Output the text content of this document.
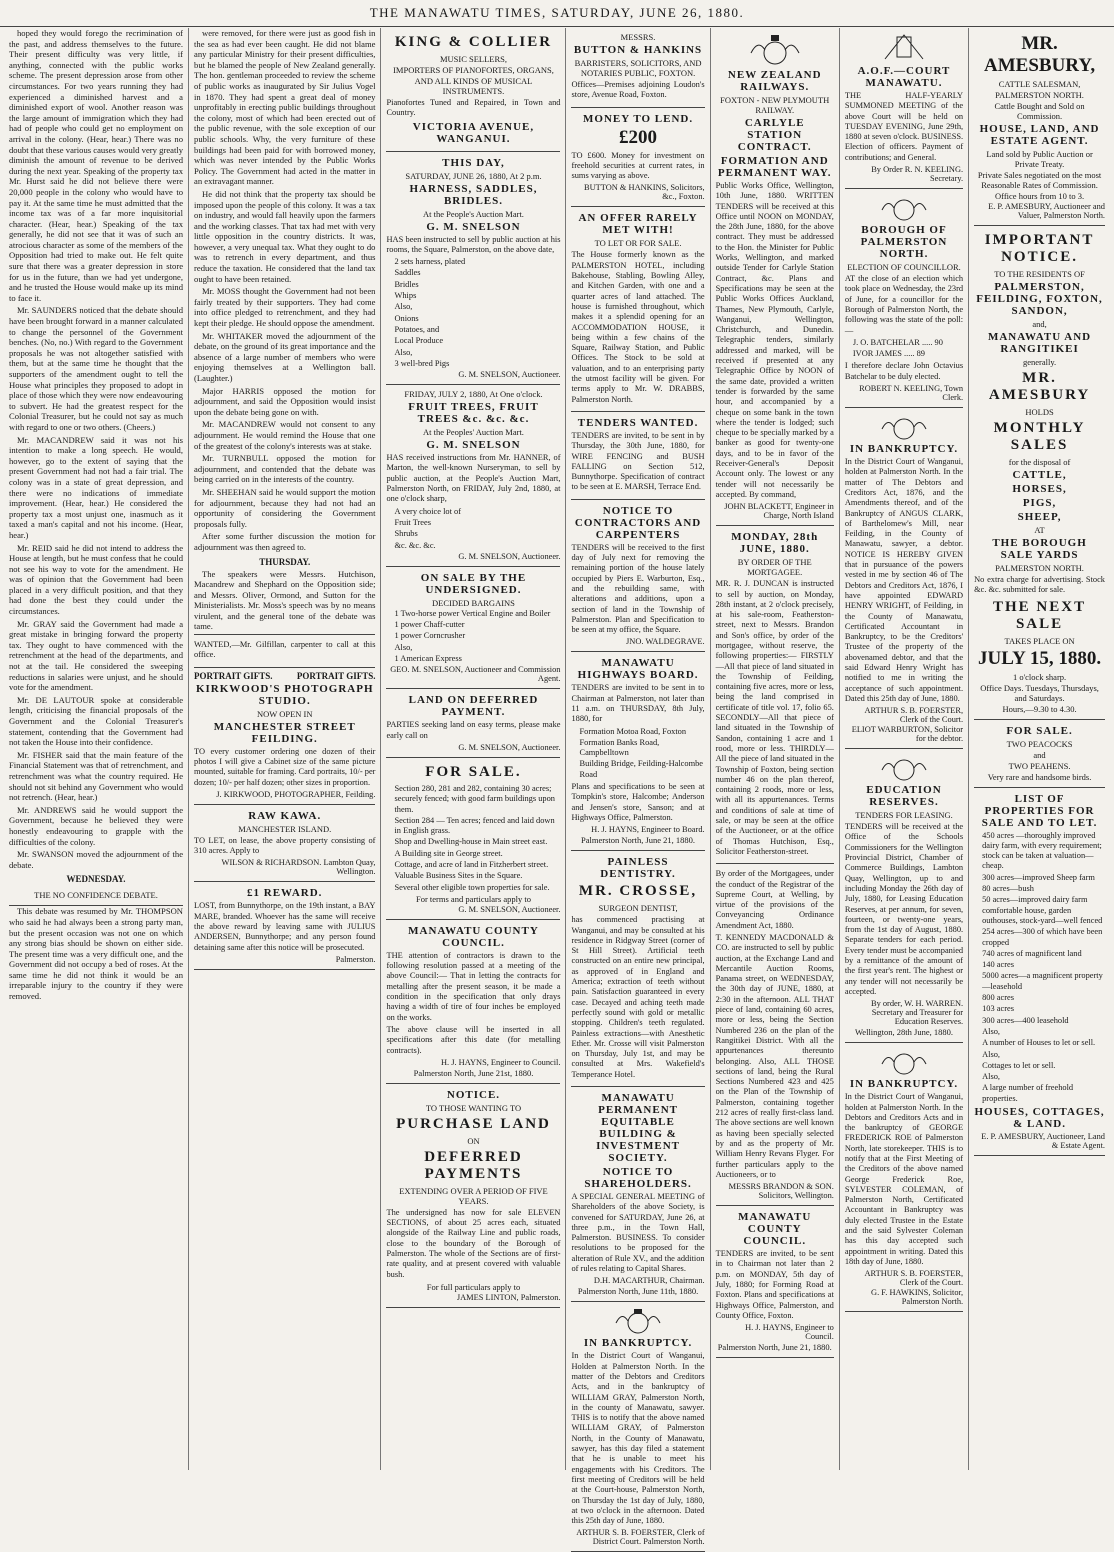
THE MANAWATU TIMES, SATURDAY, JUNE 26, 1880.

hoped they would forego the recrimination of the past, and address themselves to the future. Their present difficulty was very little, if anything, connected with the public works scheme. The present depression arose from other circumstances. For two years running they had experienced a diminished harvest and a diminished export of wool. Another reason was the large amount of immigration which they had had of people who could get no employment on arrival in the colony. (Hear, hear.) There was no doubt that these various causes would very greatly diminish the amount of revenue to be derived during the next year. Speaking of the property tax Mr. Hurst said he did not believe there were 20,000 people in the colony who would have to pay it. At the same time he must admitted that the income tax was of a far more inquisitorial character. (Hear, hear.) Speaking of the tax generally, he did not see that it was of such an atrocious character as some of the members of the Opposition had tried to make out. He felt quite sure that there was a greater depression in store for us in the future, than we had yet undergone, and he trusted the House would make up its mind to face it.

Mr. SAUNDERS noticed that the debate should have been brought forward in a manner calculated to change the personnel of the Government benches. (No, no.) With regard to the Government proposals he was not altogether satisfied with them, but at the same time he thought that the supporters of the amendment ought to tell the House what principles they proposed to adopt in place of those which they were now endeavouring to subvert. He had the greatest respect for the Colonial Treasurer, but he could not say as much with regard to one or two others. (Cheers.)

Mr. MACANDREW said it was not his intention to make a long speech. He would, however, go to the extent of saying that the present Government had not had a fair trial. The colony was in a state of great depression, and there were no indications of immediate improvement. (Hear, hear.) He considered the property tax a most unjust one, inasmuch as it taxed a man's capital and not his income. (Hear, hear.)

Mr. REID said he did not intend to address the House at length, but he must confess that he could not see his way to vote for the amendment. He was of opinion that the Government had been placed in a very difficult position, and that they had done the best they could under the circumstances.

Mr. GRAY said the Government had made a great mistake in bringing forward the property tax. They ought to have commenced with the retrenchment at the head of the departments, and not at the tail. He considered the sweeping reductions in salaries were unjust, and he should vote for the amendment.

Mr. DE LAUTOUR spoke at considerable length, criticising the financial proposals of the Government and the Colonial Treasurer's statement, contending that the Government had not taken the House into their confidence.

Mr. FISHER said that the main feature of the Financial Statement was that of retrenchment, and retrenchment was what the country required. He should not sit behind any Government who would not retrench. (Hear, hear.)

Mr. ANDREWS said he would support the Government, because he believed they were honestly endeavouring to grapple with the difficulties of the colony.

Mr. SWANSON moved the adjournment of the debate.

WEDNESDAY.
THE NO CONFIDENCE DEBATE.

This debate was resumed by Mr. THOMPSON who said he had always been a strong party man, but the present occasion was not one on which any strong bias should be shown on either side. The present time was a very difficult one, and the Government did not occupy a bed of roses. At the same time he did not think it would be an irreparable injury to the country if they were removed.

were removed, for there were just as good fish in the sea as had ever been caught. He did not blame any particular Ministry for their present difficulties, but he blamed the people of New Zealand generally. The hon. gentleman proceeded to review the scheme of public works as inaugurated by Sir Julius Vogel in 1870. They had spent a great deal of money unprofitably in erecting public buildings throughout the colony, most of which had been erected out of the public revenue, with the sole exception of our public schools. Why, the very furniture of these buildings had been paid for with borrowed money, which was never intended by the Public Works Policy. The Government had acted in the matter in an extravagant manner.

He did not think that the property tax should be imposed upon the people of this colony. It was a tax on industry, and would fall heavily upon the farmers and the working classes. That tax had met with very little opposition in the country districts. It was, however, a very unequal tax. What they ought to do was to retrench in every department, and thus reduce the taxation. He considered that the land tax ought to have been retained.

Mr. MOSS thought the Government had not been fairly treated by their supporters. They had come into office pledged to retrenchment, and they had kept their pledge. He should oppose the amendment.

Mr. WHITAKER moved the adjournment of the debate, on the ground of its great importance and the absence of a large number of members who were enjoying themselves at a Wellington ball. (Laughter.)

Major HARRIS opposed the motion for adjournment, and said the Opposition would insist upon the debate being gone on with.

Mr. MACANDREW would not consent to any adjournment. He would remind the House that one of the greatest of the colony's interests was at stake.

Mr. TURNBULL opposed the motion for adjournment, and contended that the debate was being carried on in the interests of the country.

Mr. SHEEHAN said he would support the motion for adjournment, because they had not had an opportunity of considering the Government proposals fully.

After some further discussion the motion for adjournment was then agreed to.

THURSDAY.

The speakers were Messrs. Hutchison, Macandrew and Shephard on the Opposition side; and Messrs. Oliver, Ormond, and Sutton for the Ministerialists. Mr. Moss's speech was by no means virulent, and the general tone of the debate was tame.

WANTED,—Mr. Gilfillan, carpenter to call at this office.
PORTRAIT GIFTS.	PORTRAIT GIFTS.
KIRKWOOD'S PHOTOGRAPH STUDIO.
NOW OPEN IN
MANCHESTER STREET FEILDING.
TO every customer ordering one dozen of their photos I will give a Cabinet size of the same picture mounted, suitable for framing. Card portraits, 10/- per dozen; 10/- per half dozen; other sizes in proportion.
J. KIRKWOOD, PHOTOGRAPHER, Feilding.
RAW KAWA.
MANCHESTER ISLAND.
TO LET, on lease, the above property consisting of 310 acres. Apply to
WILSON & RICHARDSON. Lambton Quay, Wellington.
£1 REWARD.
LOST, from Bunnythorpe, on the 19th instant, a BAY MARE, branded. Whoever has the same will receive the above reward by leaving same with JULIUS ANDERSEN, Bunnythorpe; and any person found detaining same after this notice will be prosecuted.
Palmerston.
KING & COLLIER
MUSIC SELLERS,
IMPORTERS OF PIANOFORTES, ORGANS,
AND ALL KINDS OF MUSICAL INSTRUMENTS.
Pianofortes Tuned and Repaired, in Town and Country.
VICTORIA AVENUE, WANGANUI.
THIS DAY,
SATURDAY, JUNE 26, 1880, At 2 p.m.
HARNESS, SADDLES, BRIDLES.
At the People's Auction Mart.
G. M. SNELSON
HAS been instructed to sell by public auction at his rooms, the Square, Palmerston, on the above date,
2 sets harness, plated
Saddles
Bridles
Whips
Also,
Onions
Potatoes, and
Local Produce
Also,
3 well-bred Pigs
G. M. SNELSON, Auctioneer.
FRIDAY, JULY 2, 1880, At One o'clock.
FRUIT TREES, FRUIT TREES &c. &c. &c.
At the Peoples' Auction Mart.
G. M. SNELSON
HAS received instructions from Mr. HANNER, of Marton, the well-known Nurseryman, to sell by public auction, at the People's Auction Mart, Palmerston North, on FRIDAY, July 2nd, 1880, at one o'clock sharp,
A very choice lot of
Fruit Trees
Shrubs
&c. &c. &c.
G. M. SNELSON, Auctioneer.
ON SALE BY THE UNDERSIGNED.
DECIDED BARGAINS
1 Two-horse power Vertical Engine and Boiler
1 power Chaff-cutter
1 power Corncrusher
Also,
1 American Express
GEO. M. SNELSON, Auctioneer and Commission Agent.
LAND ON DEFERRED PAYMENT.
PARTIES seeking land on easy terms, please make early call on
G. M. SNELSON, Auctioneer.
FOR SALE.
Section 280, 281 and 282, containing 30 acres; securely fenced; with good farm buildings upon them.
Section 284 — Ten acres; fenced and laid down in English grass.
Shop and Dwelling-house in Main street east.
A Building site in George street.
Cottage, and acre of land in Fitzherbert street.
Valuable Business Sites in the Square.
Several other eligible town properties for sale.
For terms and particulars apply to
G. M. SNELSON, Auctioneer.
MANAWATU COUNTY COUNCIL.
THE attention of contractors is drawn to the following resolution passed at a meeting of the above Council:— That in letting the contracts for metalling after the present season, it be made a condition in the specification that only drays having a width of tire of four inches be employed on the works.
The above clause will be inserted in all specifications after this date (for metalling contracts).
H. J. HAYNS, Engineer to Council.
Palmerston North, June 21st, 1880.
NOTICE.
TO THOSE WANTING TO
PURCHASE LAND
ON
DEFERRED PAYMENTS
EXTENDING OVER A PERIOD OF FIVE YEARS.
The undersigned has now for sale ELEVEN SECTIONS, of about 25 acres each, situated alongside of the Railway Line and public roads, close to the boundary of the Borough of Palmerston. The whole of the Sections are of first-rate quality, and at present covered with valuable bush.
For full particulars apply to
JAMES LINTON, Palmerston.
MESSRS.
BUTTON & HANKINS
BARRISTERS, SOLICITORS, AND NOTARIES PUBLIC, FOXTON.
Offices—Premises adjoining Loudon's store, Avenue Road, Foxton.
MONEY TO LEND.
£200
TO £600. Money for investment on freehold securities at current rates, in sums varying as above.
BUTTON & HANKINS, Solicitors, &c., Foxton.
AN OFFER RARELY MET WITH!
TO LET OR FOR SALE.
The House formerly known as the PALMERSTON HOTEL, including Bakehouse, Stabling, Bowling Alley, and Kitchen Garden, with one and a quarter acres of land attached. The house is furnished throughout, which makes it a splendid opening for an ACCOMMODATION HOUSE, it being within a few chains of the Square, Railway Station, and Public Offices. The Stock to be sold at valuation, and to an enterprising party the utmost facility will be given. For terms apply to Mr. W. DRABBS, Palmerston North.
TENDERS WANTED.
TENDERS are invited, to be sent in by Thursday, the 30th June, 1880, for WIRE FENCING and BUSH FALLING on Section 512, Bunnythorpe. Specification of contract to be seen at E. MARSH, Terrace End.
NOTICE TO CONTRACTORS AND CARPENTERS
TENDERS will be received to the first day of July next for removing the remaining portion of the house lately occupied by Piers E. Warburton, Esq., and the rebuilding same, with alterations and additions, upon a section of land in the Township of Palmerston. Plan and Specification to be seen at my office, the Square.
JNO. WALDEGRAVE.
MANAWATU HIGHWAYS BOARD.
TENDERS are invited to be sent in to Chairman at Palmerston, not later than 11 a.m. on THURSDAY, 8th July, 1880, for
Formation Motoa Road, Foxton
Formation Banks Road, Campbelltown
Building Bridge, Feilding-Halcombe Road
Plans and specifications to be seen at Tompkin's store, Halcombe; Anderson and Jensen's store, Sanson; and at Highways Office, Palmerston.
H. J. HAYNS, Engineer to Board.
Palmerston North, June 21, 1880.
PAINLESS DENTISTRY.
MR. CROSSE,
SURGEON DENTIST,
has commenced practising at Wanganui, and may be consulted at his residence in Ridgway Street (corner of St Hill Street). Artificial teeth constructed on an entire new principal, as approved of in England and America; extraction of teeth without pain. Satisfaction guaranteed in every case. Decayed and aching teeth made perfectly sound with gold or metallic stopping. Children's teeth regulated. Painless extractions—with Anesthetic Ether. Mr. Crosse will visit Palmerston on Thursday, July 1st, and may be consulted at Mrs. Wakefield's Temperance Hotel.
MANAWATU PERMANENT EQUITABLE BUILDING & INVESTMENT SOCIETY.
NOTICE TO SHAREHOLDERS.
A SPECIAL GENERAL MEETING of Shareholders of the above Society, is convened for SATURDAY, June 26, at three p.m., in the Town Hall, Palmerston. BUSINESS. To consider resolutions to be proposed for the alteration of Rule XV., and the addition of rules relating to Capital Shares.
D.H. MACARTHUR, Chairman.
Palmerston North, June 11th, 1880.
IN BANKRUPTCY.
In the District Court of Wanganui, Holden at Palmerston North. In the matter of the Debtors and Creditors Acts, and in the bankruptcy of WILLIAM GRAY, Palmerston North, in the county of Manawatu, sawyer. THIS is to notify that the above named WILLIAM GRAY, of Palmerston North, in the County of Manawatu, sawyer, has this day filed a statement that he is unable to meet his engagements with his Creditors. The first meeting of Creditors will be held at the Court-house, Palmerston North, on Thursday the 1st day of July, 1880, at two o'clock in the afternoon. Dated this 25th day of June, 1880.
ARTHUR S. B. FOERSTER, Clerk of District Court. Palmerston North.
NEW ZEALAND RAILWAYS.
FOXTON - NEW PLYMOUTH RAILWAY.
CARLYLE STATION CONTRACT.
FORMATION AND PERMANENT WAY.
Public Works Office, Wellington, 10th June, 1880. WRITTEN TENDERS will be received at this Office until NOON on MONDAY, the 28th June, 1880, for the above contract. They must be addressed to the Hon. the Minister for Public Works, Wellington, and marked outside Tender for Carlyle Station Contract, &c. Plans and Specifications may be seen at the Public Works Offices Auckland, Thames, New Plymouth, Carlyle, Wanganui, Wellington, Christchurch, and Dunedin. Telegraphic tenders, similarly addressed and marked, will be received if presented at any Telegraphic Office by NOON of the same date, provided a written tender is forwarded by the same hour, and accompanied by a cheque on some bank in the town where the tender is lodged; such cheque to be specially marked by a banker as good for twenty-one days, and to be in favor of the Receiver-General's Deposit Account only. The lowest or any tender will not necessarily be accepted. By command,
JOHN BLACKETT, Engineer in Charge, North Island
MONDAY, 28th JUNE, 1880.
BY ORDER OF THE MORTGAGEE.
MR. R. J. DUNCAN is instructed to sell by auction, on Monday, 28th instant, at 2 o'clock precisely, at his sale-room, Featherston-street, next to Messrs. Brandon and Son's office, by order of the mortgagee, without reserve, the following properties:— FIRSTLY—All that piece of land situated in the Township of Feilding, containing five acres, more or less, being the land comprised in certificate of title vol. 17, folio 65. SECONDLY—All that piece of land situated in the Township of Sandon, containing 1 acre and 1 rood, more or less. THIRDLY—All the piece of land situated in the Township of Foxton, being section number 46 on the plan thereof, containing 2 roods, more or less, with all its appurtenances. Terms and conditions of sale at time of sale, or may be seen at the office of the Auctioneer, or at the office of Thomas Hutchison, Esq., Solicitor Featherston-street.
By order of the Mortgagees, under the conduct of the Registrar of the Supreme Court, at Welling, by virtue of the provisions of the Conveyancing Ordinance Amendment Act, 1880.
T. KENNEDY MACDONALD & CO. are instructed to sell by public auction, at the Exchange Land and Mercantile Auction Rooms, Panama street, on WEDNESDAY, the 30th day of JUNE, 1880, at 2:30 in the afternoon. ALL THAT piece of land, containing 60 acres, more or less, being the Section Numbered 236 on the plan of the Rangitikei District. With all the appurtenances thereunto belonging. Also, ALL THOSE sections of land, being the Rural Sections Numbered 423 and 425 on the Plan of the Township of Palmerston, containing together 212 acres of really first-class land. The above sections are well known as having been specially selected by and as the property of Mr. William Henry Revans Flyger. For further particulars apply to the Auctioneers, or to
MESSRS BRANDON & SON. Solicitors, Wellington.
MANAWATU COUNTY COUNCIL.
TENDERS are invited, to be sent in to Chairman not later than 2 p.m. on MONDAY, 5th day of July, 1880; for Forming Road at Foxton. Plans and specifications at Highways Office, Palmerston, and County Office, Foxton.
H. J. HAYNS, Engineer to Council.
Palmerston North, June 21, 1880.
A.O.F.—COURT MANAWATU.
THE HALF-YEARLY SUMMONED MEETING of the above Court will be held on TUESDAY EVENING, June 29th, 1880 at seven o'clock. BUSINESS. Election of officers. Payment of contributions; and General.
By Order R. N. KEELING. Secretary.
BOROUGH OF PALMERSTON NORTH.
ELECTION OF COUNCILLOR.
AT the close of an election which took place on Wednesday, the 23rd of June, for a councillor for the Borough of Palmerston North, the following was the state of the poll:—
J. O. BATCHELAR ..... 90
IVOR JAMES ..... 89
I therefore declare John Octavius Batchelar to be duly elected.
ROBERT N. KEELING, Town Clerk.
IN BANKRUPTCY.
In the District Court of Wanganui, holden at Palmerston North. In the matter of The Debtors and Creditors Act, 1876, and the Amendments thereof, and of the Bankruptcy of ANGUS CLARK, of Barthelomew's Mill, near Feilding, in the County of Manawatu, sawyer, a debtor. NOTICE IS HEREBY GIVEN that in pursuance of the powers vested in me by section 46 of The Debtors and Creditors Act, 1876, I have appointed EDWARD HENRY WRIGHT, of Feilding, in the County of Manawatu, Certificated Accountant in Bankruptcy, to be the Creditors' Trustee of the property of the abovenamed debtor, and that the said Edward Henry Wright has notified to me in writing the acceptance of such appointment. Dated this 25th day of June, 1880.
ARTHUR S. B. FOERSTER, Clerk of the Court.
ELIOT WARBURTON, Solicitor for the debtor.
EDUCATION RESERVES.
TENDERS FOR LEASING.
TENDERS will be received at the Office of the Schools Commissioners for the Wellington Provincial District, Chamber of Commerce Buildings, Lambton Quay, Wellington, up to and including Monday the 26th day of July, 1880, for Leasing Education Reserves, at per annum, for seven, fourteen, or twenty-one years, from the 1st day of August, 1880. Separate tenders for each period. Every tender must be accompanied by a remittance of the amount of the first year's rent. The highest or any tender will not necessarily be accepted.
By order, W. H. WARREN. Secretary and Treasurer for Education Reserves.
Wellington, 28th June, 1880.
IN BANKRUPTCY.
In the District Court of Wanganui, holden at Palmerston North. In the Debtors and Creditors Acts and in the bankruptcy of GEORGE FREDERICK ROE of Palmerston North, late storekeeper. THIS is to notify that at the First Meeting of the Creditors of the above named George Frederick Roe, SYLVESTER COLEMAN, of Palmerston North, Certificated Accountant in Bankruptcy was duly elected Trustee in the Estate and the said Sylvester Coleman has this day accepted such appointment in writing. Dated this 18th day of June, 1880.
ARTHUR S. B. FOERSTER, Clerk of the Court.
G. F. HAWKINS, Solicitor, Palmerston North.
MR. AMESBURY,
CATTLE SALESMAN,
PALMERSTON NORTH.
Cattle Bought and Sold on Commission.
HOUSE, LAND, AND ESTATE AGENT.
Land sold by Public Auction or Private Treaty.
Private Sales negotiated on the most Reasonable Rates of Commission.
Office hours from 10 to 3.
E. P. AMESBURY, Auctioneer and Valuer, Palmerston North.
IMPORTANT NOTICE.
TO THE RESIDENTS OF
PALMERSTON, FEILDING, FOXTON, SANDON,
and,
MANAWATU AND RANGITIKEI
generally.
MR. AMESBURY
HOLDS
MONTHLY SALES
for the disposal of
CATTLE,
HORSES,
PIGS,
SHEEP,
AT
THE BOROUGH SALE YARDS
PALMERSTON NORTH.
No extra charge for advertising. Stock &c. &c. submitted for sale.
THE NEXT SALE
TAKES PLACE ON
JULY 15, 1880.
1 o'clock sharp.
Office Days. Tuesdays, Thursdays, and Saturdays.
Hours,—9.30 to 4.30.
FOR SALE.
TWO PEACOCKS
and
TWO PEAHENS.
Very rare and handsome birds.
LIST OF PROPERTIES FOR SALE AND TO LET.
450 acres —thoroughly improved dairy farm, with every requirement; stock can be taken at valuation—cheap.
300 acres—improved Sheep farm
80 acres—bush
50 acres—improved dairy farm comfortable house, garden outhouses, stock-yard—well fenced
254 acres—300 of which have been cropped
740 acres of magnificent land
140 acres
5000 acres—a magnificent property—leasehold
800 acres
103 acres
300 acres—400 leasehold
Also,
A number of Houses to let or sell.
Also,
Cottages to let or sell.
Also,
A large number of freehold properties.
HOUSES, COTTAGES, & LAND.
E. P. AMESBURY, Auctioneer, Land & Estate Agent.
